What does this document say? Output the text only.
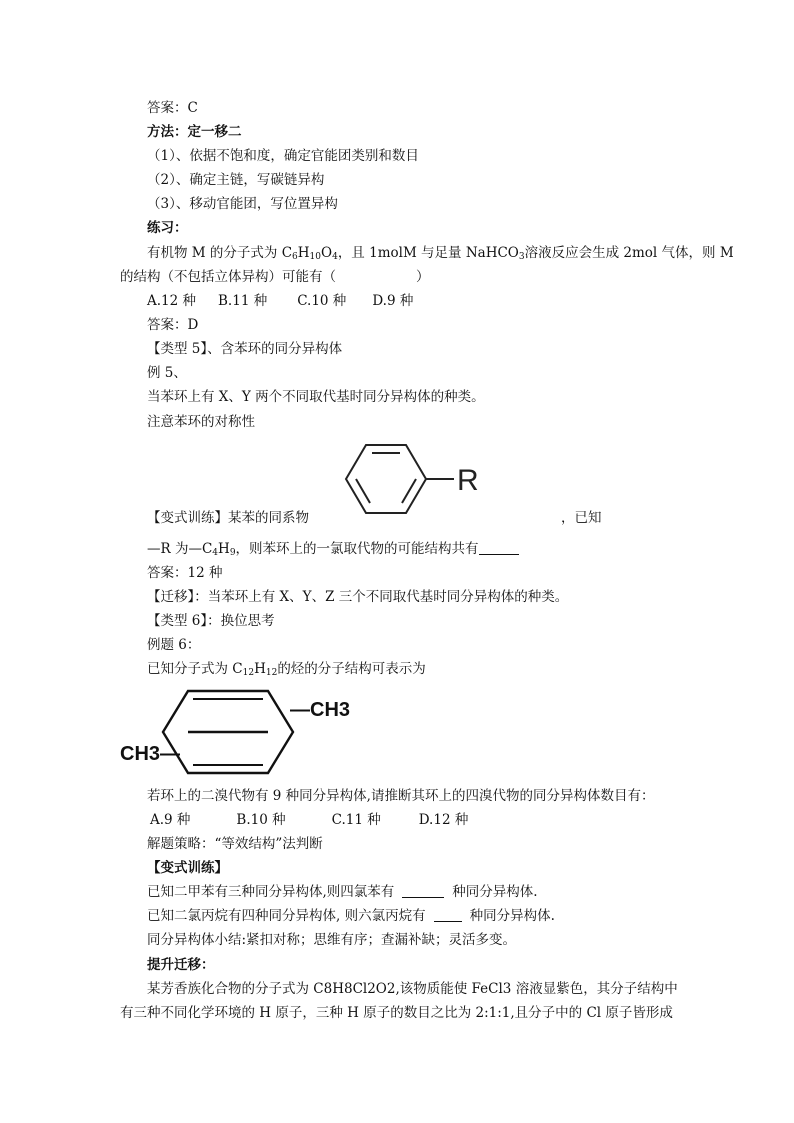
答案：C
方法：定一移二
（1）、依据不饱和度，确定官能团类别和数目
（2）、确定主链，写碳链异构
（3）、移动官能团，写位置异构
练习：
有机物 M 的分子式为 $C_6H_{10}O_4$，且 1molM 与足量 NaHCO$_3$溶液反应会生成 2mol 气体，则 M
的结构（不包括立体异构）可能有（	）
A.12 种 B.11 种 C.10 种 D.9 种
答案：D
【类型 5】、含苯环的同分异构体
例 5、
当苯环上有 X、Y 两个不同取代基时同分异构体的种类。
注意苯环的对称性
R
【变式训练】某苯的同系物	，已知
—R 为$—C_4H_9$，则苯环上的一氯取代物的可能结构共有
答案：12 种
【迁移】：当苯环上有 X、Y、Z 三个不同取代基时同分异构体的种类。
【类型 6】：换位思考
例题 6：
已知分子式为 $C_{12}H_{12}$的烃的分子结构可表示为
—CH3
CH3—
若环上的二溴代物有 9 种同分异构体,请推断其环上的四溴代物的同分异构体数目有：
A.9 种	B.10 种	C.11 种	D.12 种
解题策略：“等效结构”法判断
【变式训练】
已知二甲苯有三种同分异构体,则四氯苯有	种同分异构体.
已知二氯丙烷有四种同分异构体, 则六氯丙烷有	种同分异构体.
同分异构体小结:紧扣对称；思维有序；查漏补缺；灵活多变。
提升迁移：
某芳香族化合物的分子式为 C8H8Cl2O2,该物质能使 FeCl3 溶液显紫色，其分子结构中
有三种不同化学环境的 H 原子，三种 H 原子的数目之比为 2:1:1,且分子中的 Cl 原子皆形成
